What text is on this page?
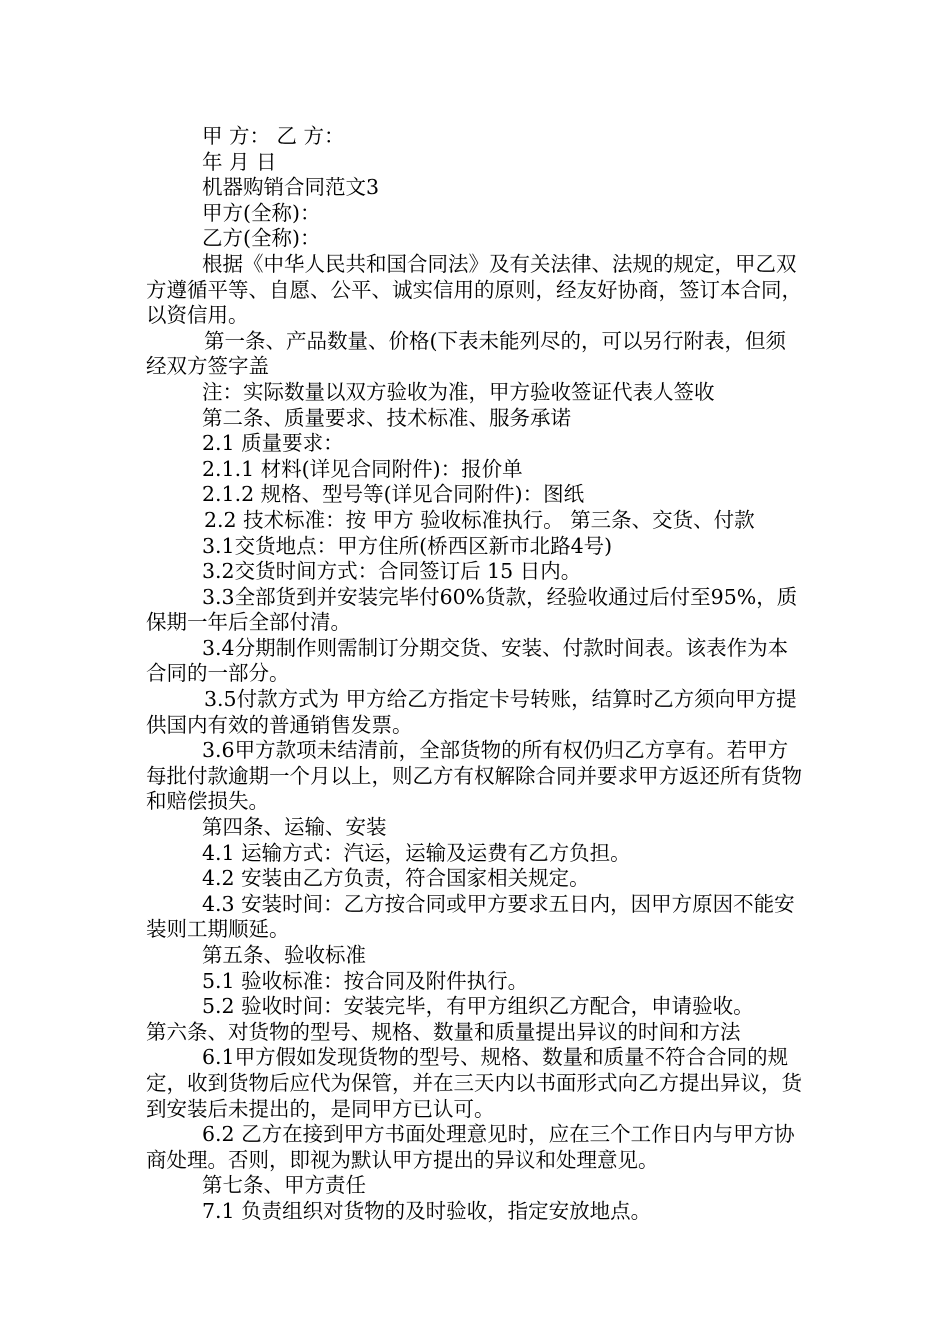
甲 方： 乙 方：

年 月 日

机器购销合同范文3

甲方(全称)：

乙方(全称)：

根据《中华人民共和国合同法》及有关法律、法规的规定，甲乙双方遵循平等、自愿、公平、诚实信用的原则，经友好协商，签订本合同，以资信用。

第一条、产品数量、价格(下表未能列尽的，可以另行附表，但须经双方签字盖

注：实际数量以双方验收为准，甲方验收签证代表人签收

第二条、质量要求、技术标准、服务承诺

2.1 质量要求：

2.1.1 材料(详见合同附件)：报价单

2.1.2 规格、型号等(详见合同附件)：图纸

2.2 技术标准：按 甲方 验收标准执行。 第三条、交货、付款

3.1交货地点：甲方住所(桥西区新市北路4号)

3.2交货时间方式：合同签订后 15 日内。

3.3全部货到并安装完毕付60%货款，经验收通过后付至95%，质保期一年后全部付清。

3.4分期制作则需制订分期交货、安装、付款时间表。该表作为本合同的一部分。

3.5付款方式为 甲方给乙方指定卡号转账，结算时乙方须向甲方提供国内有效的普通销售发票。

3.6甲方款项未结清前，全部货物的所有权仍归乙方享有。若甲方每批付款逾期一个月以上，则乙方有权解除合同并要求甲方返还所有货物和赔偿损失。

第四条、运输、安装

4.1 运输方式：汽运，运输及运费有乙方负担。

4.2 安装由乙方负责，符合国家相关规定。

4.3 安装时间：乙方按合同或甲方要求五日内，因甲方原因不能安装则工期顺延。

第五条、验收标准

5.1 验收标准：按合同及附件执行。

5.2 验收时间：安装完毕，有甲方组织乙方配合，申请验收。

第六条、对货物的型号、规格、数量和质量提出异议的时间和方法

6.1甲方假如发现货物的型号、规格、数量和质量不符合合同的规定，收到货物后应代为保管，并在三天内以书面形式向乙方提出异议，货到安装后未提出的，是同甲方已认可。

6.2 乙方在接到甲方书面处理意见时，应在三个工作日内与甲方协商处理。否则，即视为默认甲方提出的异议和处理意见。

第七条、甲方责任

7.1 负责组织对货物的及时验收，指定安放地点。
